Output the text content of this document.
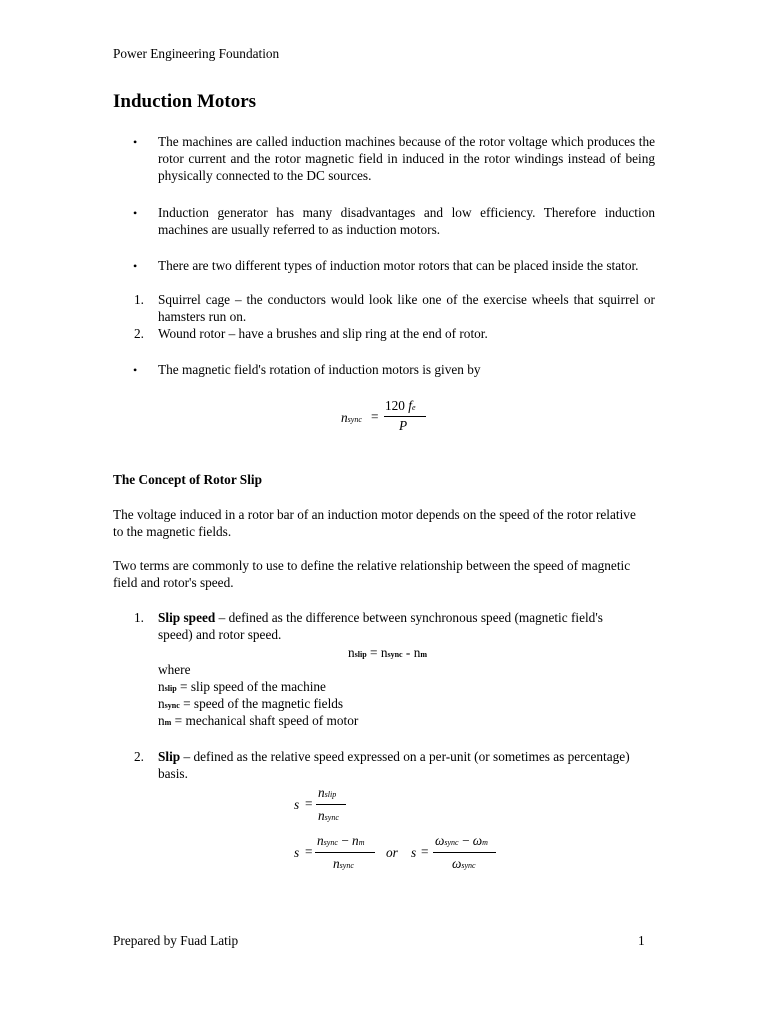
Power Engineering Foundation
Induction Motors
• The machines are called induction machines because of the rotor voltage which produces the rotor current and the rotor magnetic field in induced in the rotor windings instead of being physically connected to the DC sources.
• Induction generator has many disadvantages and low efficiency. Therefore induction machines are usually referred to as induction motors.
• There are two different types of induction motor rotors that can be placed inside the stator.
1. Squirrel cage – the conductors would look like one of the exercise wheels that squirrel or hamsters run on.
2. Wound rotor – have a brushes and slip ring at the end of rotor.
• The magnetic field's rotation of induction motors is given by
nsync =
120 fe
P
The Concept of Rotor Slip
The voltage induced in a rotor bar of an induction motor depends on the speed of the rotor relative to the magnetic fields.
Two terms are commonly to use to define the relative relationship between the speed of magnetic field and rotor's speed.
1. Slip speed – defined as the difference between synchronous speed (magnetic field's speed) and rotor speed.
nslip = nsync - nm
where
nslip = slip speed of the machine
nsync = speed of the magnetic fields
nm = mechanical shaft speed of motor
2. Slip – defined as the relative speed expressed on a per-unit (or sometimes as percentage) basis.
s =
nslip
nsync
s =
nsync − nm
nsync
or s =
ωsync − ωm
ωsync
Prepared by Fuad Latip	1
